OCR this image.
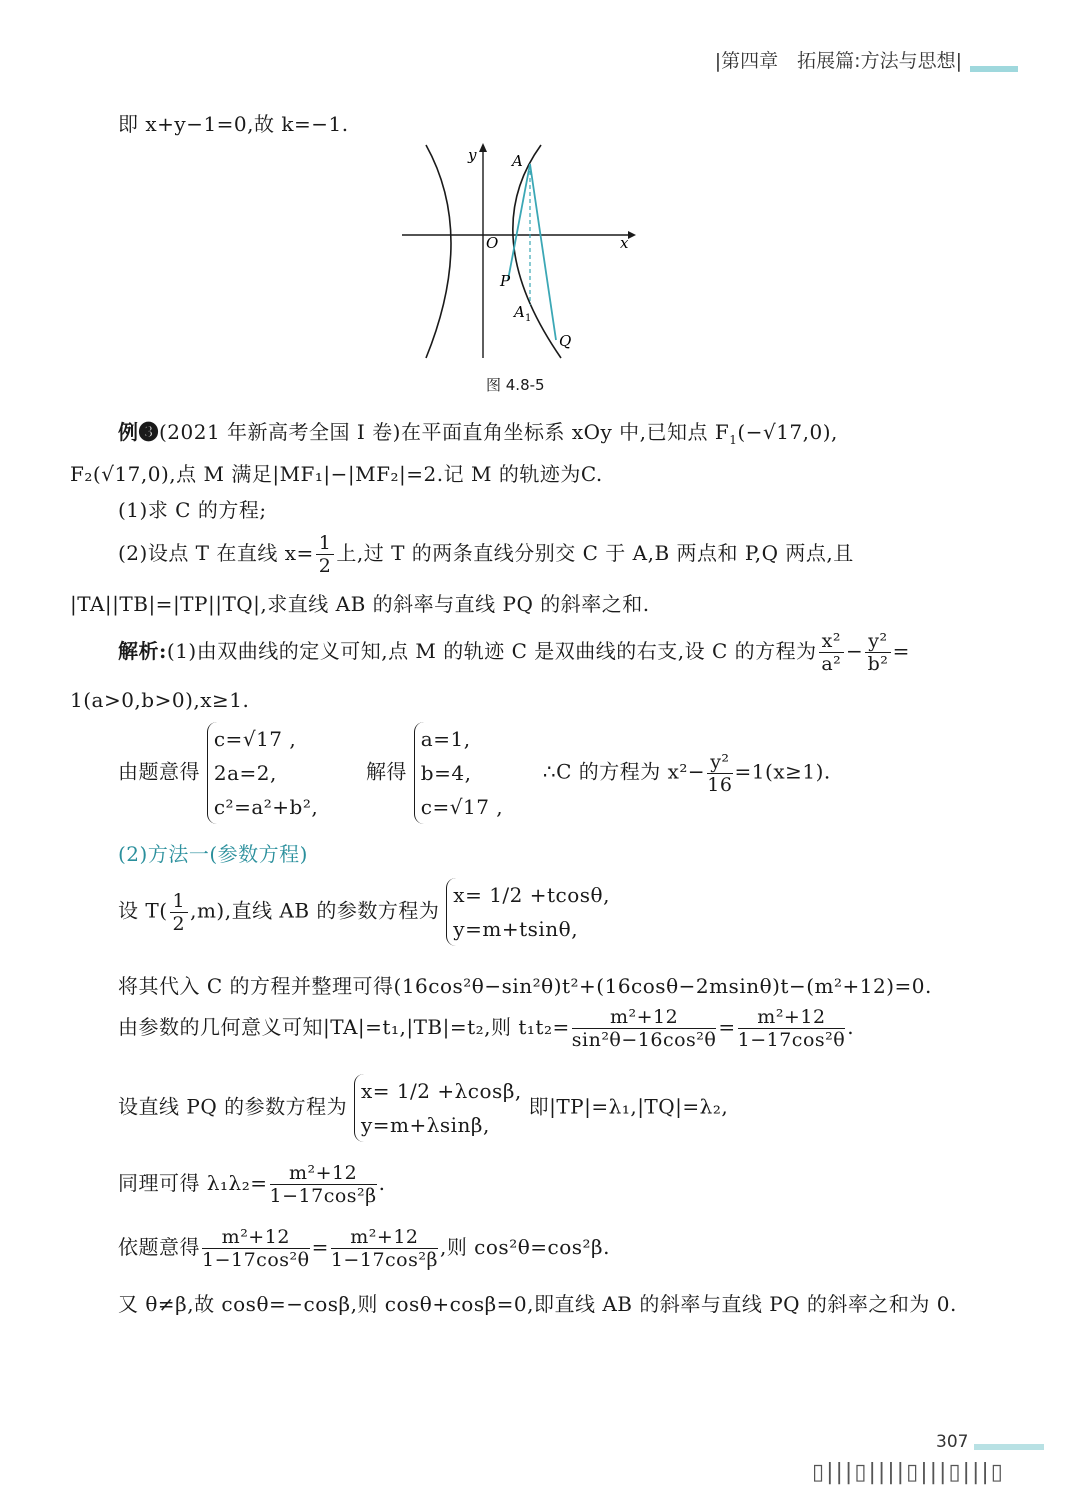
|第四章　拓展篇:方法与思想|
即 x+y−1=0,故 k=−1.
y
x
O
A
P
A 1
Q
图 4.8-5
例❸(2021 年新高考全国 Ⅰ 卷)在平面直角坐标系 xOy 中,已知点 $F_1(-√17,0)$,
F₂(√17,0),点 M 满足|MF₁|−|MF₂|=2.记 M 的轨迹为C.
(1)求 C 的方程;
(2)设点 T 在直线 $x= \frac{1}{2}$ 上,过 T 的两条直线分别交 C 于 A,B 两点和 P,Q 两点,且
|TA||TB|=|TP||TQ|,求直线 AB 的斜率与直线 PQ 的斜率之和.
解析:(1)由双曲线的定义可知,点 M 的轨迹 C 是双曲线的右支,设 C 的方程为 $\frac{\text{x²}}{\text{a²}} - \frac{\text{y²}}{\text{b²}}$ =
1(a>0,b>0),x≥1.
由题意得
c=√17 ,
2a=2,
c²=a²+b²,
解得
a=1,
b=4,
c=√17 ,
∴C 的方程为 $x^2- \frac{\text{y²}}{16} =1(x\ge 1)$.
(2)方法一(参数方程)
设 $T( \frac{1}{2} ,m)$,直线 AB 的参数方程为
x= 1/2 +tcosθ,
y=m+tsinθ,
将其代入 C 的方程并整理可得(16cos²θ−sin²θ)t²+(16cosθ−2msinθ)t−(m²+12)=0.
由参数的几何意义可知|TA|=t₁,|TB|=t₂,则 $t_1t_2= \frac{\text{m²+12}}{\text{sin²θ−16cos²θ}} = \frac{\text{m²+12}}{\text{1−17cos²θ}}$ .
设直线 PQ 的参数方程为
x= 1/2 +λcosβ,
y=m+λsinβ,
即|TP|=λ₁,|TQ|=λ₂,
同理可得 $\lambda_1\lambda_2= \frac{\text{m²+12}}{\text{1−17cos²β}}$ .
依题意得 $\frac{\text{m²+12}}{\text{1−17cos²θ}} = \frac{\text{m²+12}}{\text{1−17cos²β}}$ ,则 cos²θ=cos²β.
又 θ≠β,故 cosθ=−cosβ,则 cosθ+cosβ=0,即直线 AB 的斜率与直线 PQ 的斜率之和为 0.
307
▯|||▯||||▯|||▯|||▯
